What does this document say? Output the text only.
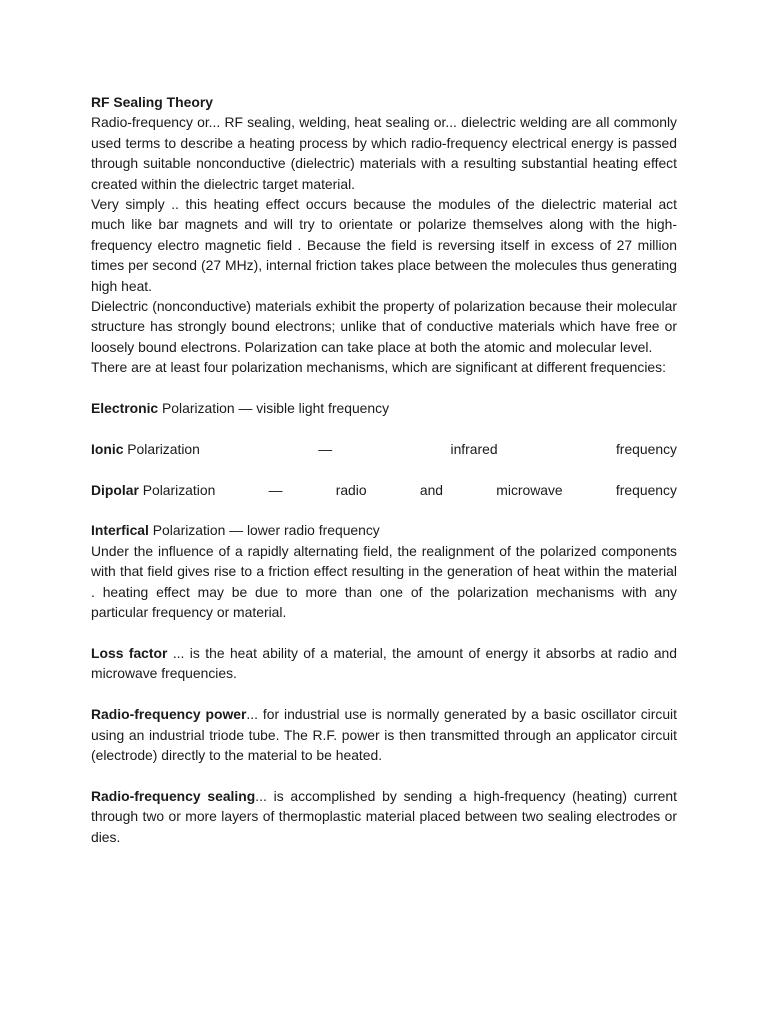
RF Sealing Theory

Radio-frequency or... RF sealing, welding, heat sealing or... dielectric welding are all commonly used terms to describe a heating process by which radio-frequency electrical energy is passed through suitable nonconductive (dielectric) materials with a resulting substantial heating effect created within the dielectric target material.

Very simply .. this heating effect occurs because the modules of the dielectric material act much like bar magnets and will try to orientate or polarize themselves along with the high-frequency electro magnetic field . Because the field is reversing itself in excess of 27 million times per second (27 MHz), internal friction takes place between the molecules thus generating high heat.

Dielectric (nonconductive) materials exhibit the property of polarization because their molecular structure has strongly bound electrons; unlike that of conductive materials which have free or loosely bound electrons. Polarization can take place at both the atomic and molecular level.

There are at least four polarization mechanisms, which are significant at different frequencies:

Electronic Polarization — visible light frequency

Ionic Polarization	—	infrared	frequency
Dipolar Polarization	—	radio	and	microwave	frequency

Interfical Polarization — lower radio frequency

Under the influence of a rapidly alternating field, the realignment of the polarized components with that field gives rise to a friction effect resulting in the generation of heat within the material . heating effect may be due to more than one of the polarization mechanisms with any particular frequency or material.

Loss factor ... is the heat ability of a material, the amount of energy it absorbs at radio and microwave frequencies.

Radio-frequency power... for industrial use is normally generated by a basic oscillator circuit using an industrial triode tube. The R.F. power is then transmitted through an applicator circuit (electrode) directly to the material to be heated.

Radio-frequency sealing... is accomplished by sending a high-frequency (heating) current through two or more layers of thermoplastic material placed between two sealing electrodes or dies.
